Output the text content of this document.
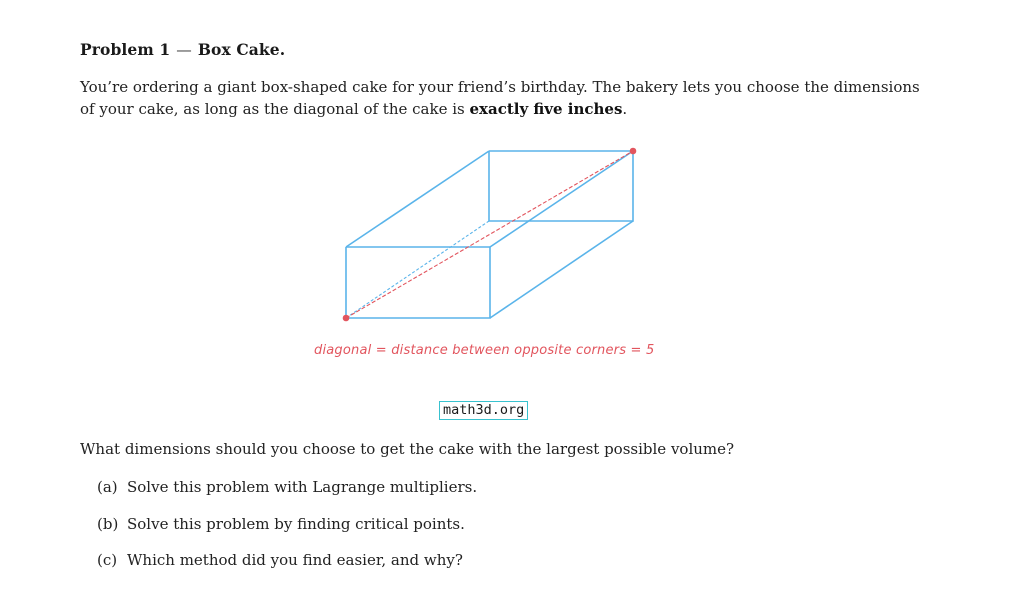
Problem 1 — Box Cake.
You’re ordering a giant box-shaped cake for your friend’s birthday. The bakery lets you choose the dimensions of your cake, as long as the diagonal of the cake is exactly five inches.
diagonal = distance between opposite corners = 5
math3d.org
What dimensions should you choose to get the cake with the largest possible volume?
(a) Solve this problem with Lagrange multipliers.
(b) Solve this problem by finding critical points.
(c) Which method did you find easier, and why?
